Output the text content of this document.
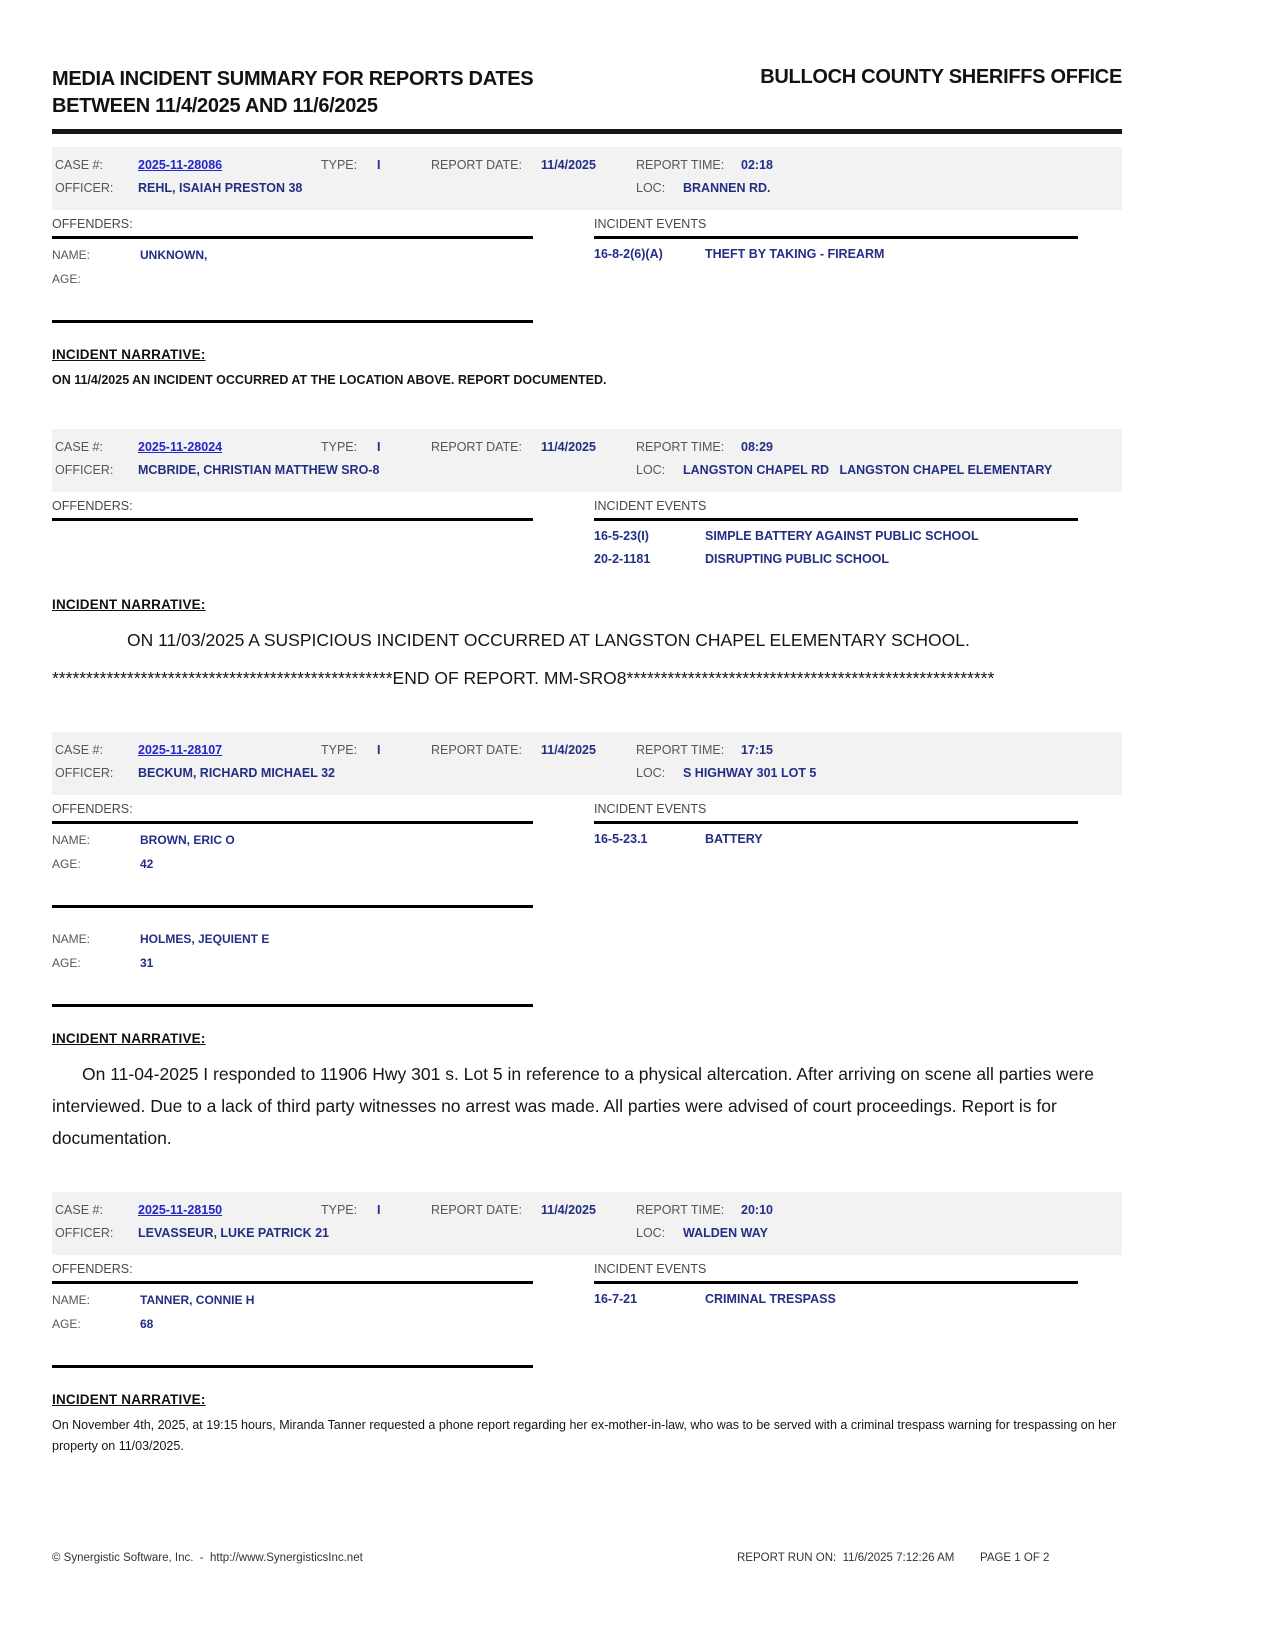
MEDIA INCIDENT SUMMARY FOR REPORTS DATES
BETWEEN 11/4/2025 AND 11/6/2025
BULLOCH COUNTY SHERIFFS OFFICE
CASE #:	2025-11-28086	TYPE: I	REPORT DATE: 11/4/2025	REPORT TIME: 02:18
OFFICER: REHL, ISAIAH PRESTON 38	LOC: BRANNEN RD.
OFFENDERS:
NAME:	UNKNOWN,
AGE:
INCIDENT EVENTS
16-8-2(6)(A)	THEFT BY TAKING - FIREARM
INCIDENT NARRATIVE:
ON 11/4/2025 AN INCIDENT OCCURRED AT THE LOCATION ABOVE. REPORT DOCUMENTED.
CASE #:	2025-11-28024	TYPE: I	REPORT DATE: 11/4/2025	REPORT TIME: 08:29
OFFICER: MCBRIDE, CHRISTIAN MATTHEW SRO-8	LOC: LANGSTON CHAPEL RD   LANGSTON CHAPEL ELEMENTARY
OFFENDERS:	INCIDENT EVENTS
16-5-23(I)	SIMPLE BATTERY AGAINST PUBLIC SCHOOL
20-2-1181	DISRUPTING PUBLIC SCHOOL
INCIDENT NARRATIVE:
ON 11/03/2025 A SUSPICIOUS INCIDENT OCCURRED AT LANGSTON CHAPEL ELEMENTARY SCHOOL.
**************************************************END OF REPORT. MM-SRO8******************************************************
CASE #:	2025-11-28107	TYPE: I	REPORT DATE: 11/4/2025	REPORT TIME: 17:15
OFFICER: BECKUM, RICHARD MICHAEL 32	LOC: S HIGHWAY 301 LOT 5
OFFENDERS:
NAME:	BROWN, ERIC O
AGE:	42
NAME:	HOLMES, JEQUIENT E
AGE:	31
INCIDENT EVENTS
16-5-23.1	BATTERY
INCIDENT NARRATIVE:
On 11-04-2025 I responded to 11906 Hwy 301 s. Lot 5 in reference to a physical altercation. After arriving on scene all parties were interviewed. Due to a lack of third party witnesses no arrest was made. All parties were advised of court proceedings. Report is for documentation.
CASE #:	2025-11-28150	TYPE: I	REPORT DATE: 11/4/2025	REPORT TIME: 20:10
OFFICER: LEVASSEUR, LUKE PATRICK 21	LOC: WALDEN WAY
OFFENDERS:
NAME:	TANNER, CONNIE H
AGE:	68
INCIDENT EVENTS
16-7-21	CRIMINAL TRESPASS
INCIDENT NARRATIVE:
On November 4th, 2025, at 19:15 hours, Miranda Tanner requested a phone report regarding her ex-mother-in-law, who was to be served with a criminal trespass warning for trespassing on her property on 11/03/2025.
© Synergistic Software, Inc.  -  http://www.SynergisticsInc.net	REPORT RUN ON:  11/6/2025 7:12:26 AM PAGE 1 OF 2
